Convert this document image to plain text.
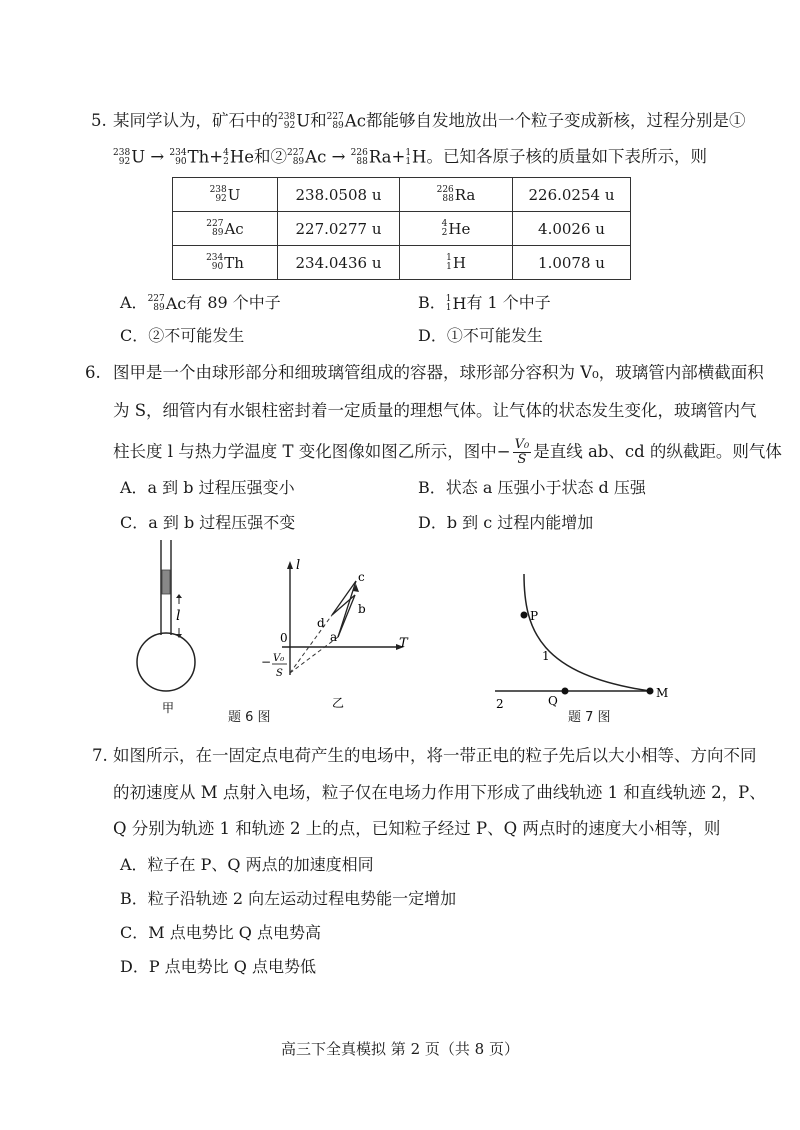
5. 某同学认为，矿石中的 238
92 U和 227
89 Ac都能够自发地放出一个粒子变成新核，过程分别是①
238
92 U → 234
90 Th+ 4
2 He和② 227
89 Ac → 226
88 Ra+ 1
1 H。已知各原子核的质量如下表所示，则
238
92 U	238.0508 u	226
88 Ra	226.0254 u

227
89 Ac	227.0277 u	4
2 He	4.0026 u

234
90 Th	234.0436 u	1
1 H	1.0078 u
A． 227
89 Ac有 89 个中子	B． 1
1 H有 1 个中子
C．②不可能发生	D．①不可能发生
6. 图甲是一个由球形部分和细玻璃管组成的容器，球形部分容积为 V₀，玻璃管内部横截面积
为 S，细管内有水银柱密封着一定质量的理想气体。让气体的状态发生变化，玻璃管内气
柱长度 l 与热力学温度 T 变化图像如图乙所示，图中− $\frac{\text{V₀}}{S}$ 是直线 ab、cd 的纵截距。则气体
A．a 到 b 过程压强变小	B．状态 a 压强小于状态 d 压强
C．a 到 b 过程压强不变	D．b 到 c 过程内能增加
l
甲
l
T
0
c
b
a
d
− V₀
S
乙
题 6 图
P
Q
M
1
2
题 7 图
7. 如图所示，在一固定点电荷产生的电场中，将一带正电的粒子先后以大小相等、方向不同
的初速度从 M 点射入电场，粒子仅在电场力作用下形成了曲线轨迹 1 和直线轨迹 2，P、
Q 分别为轨迹 1 和轨迹 2 上的点，已知粒子经过 P、Q 两点时的速度大小相等，则
A．粒子在 P、Q 两点的加速度相同
B．粒子沿轨迹 2 向左运动过程电势能一定增加
C．M 点电势比 Q 点电势高
D．P 点电势比 Q 点电势低
高三下全真模拟 第 2 页（共 8 页）
